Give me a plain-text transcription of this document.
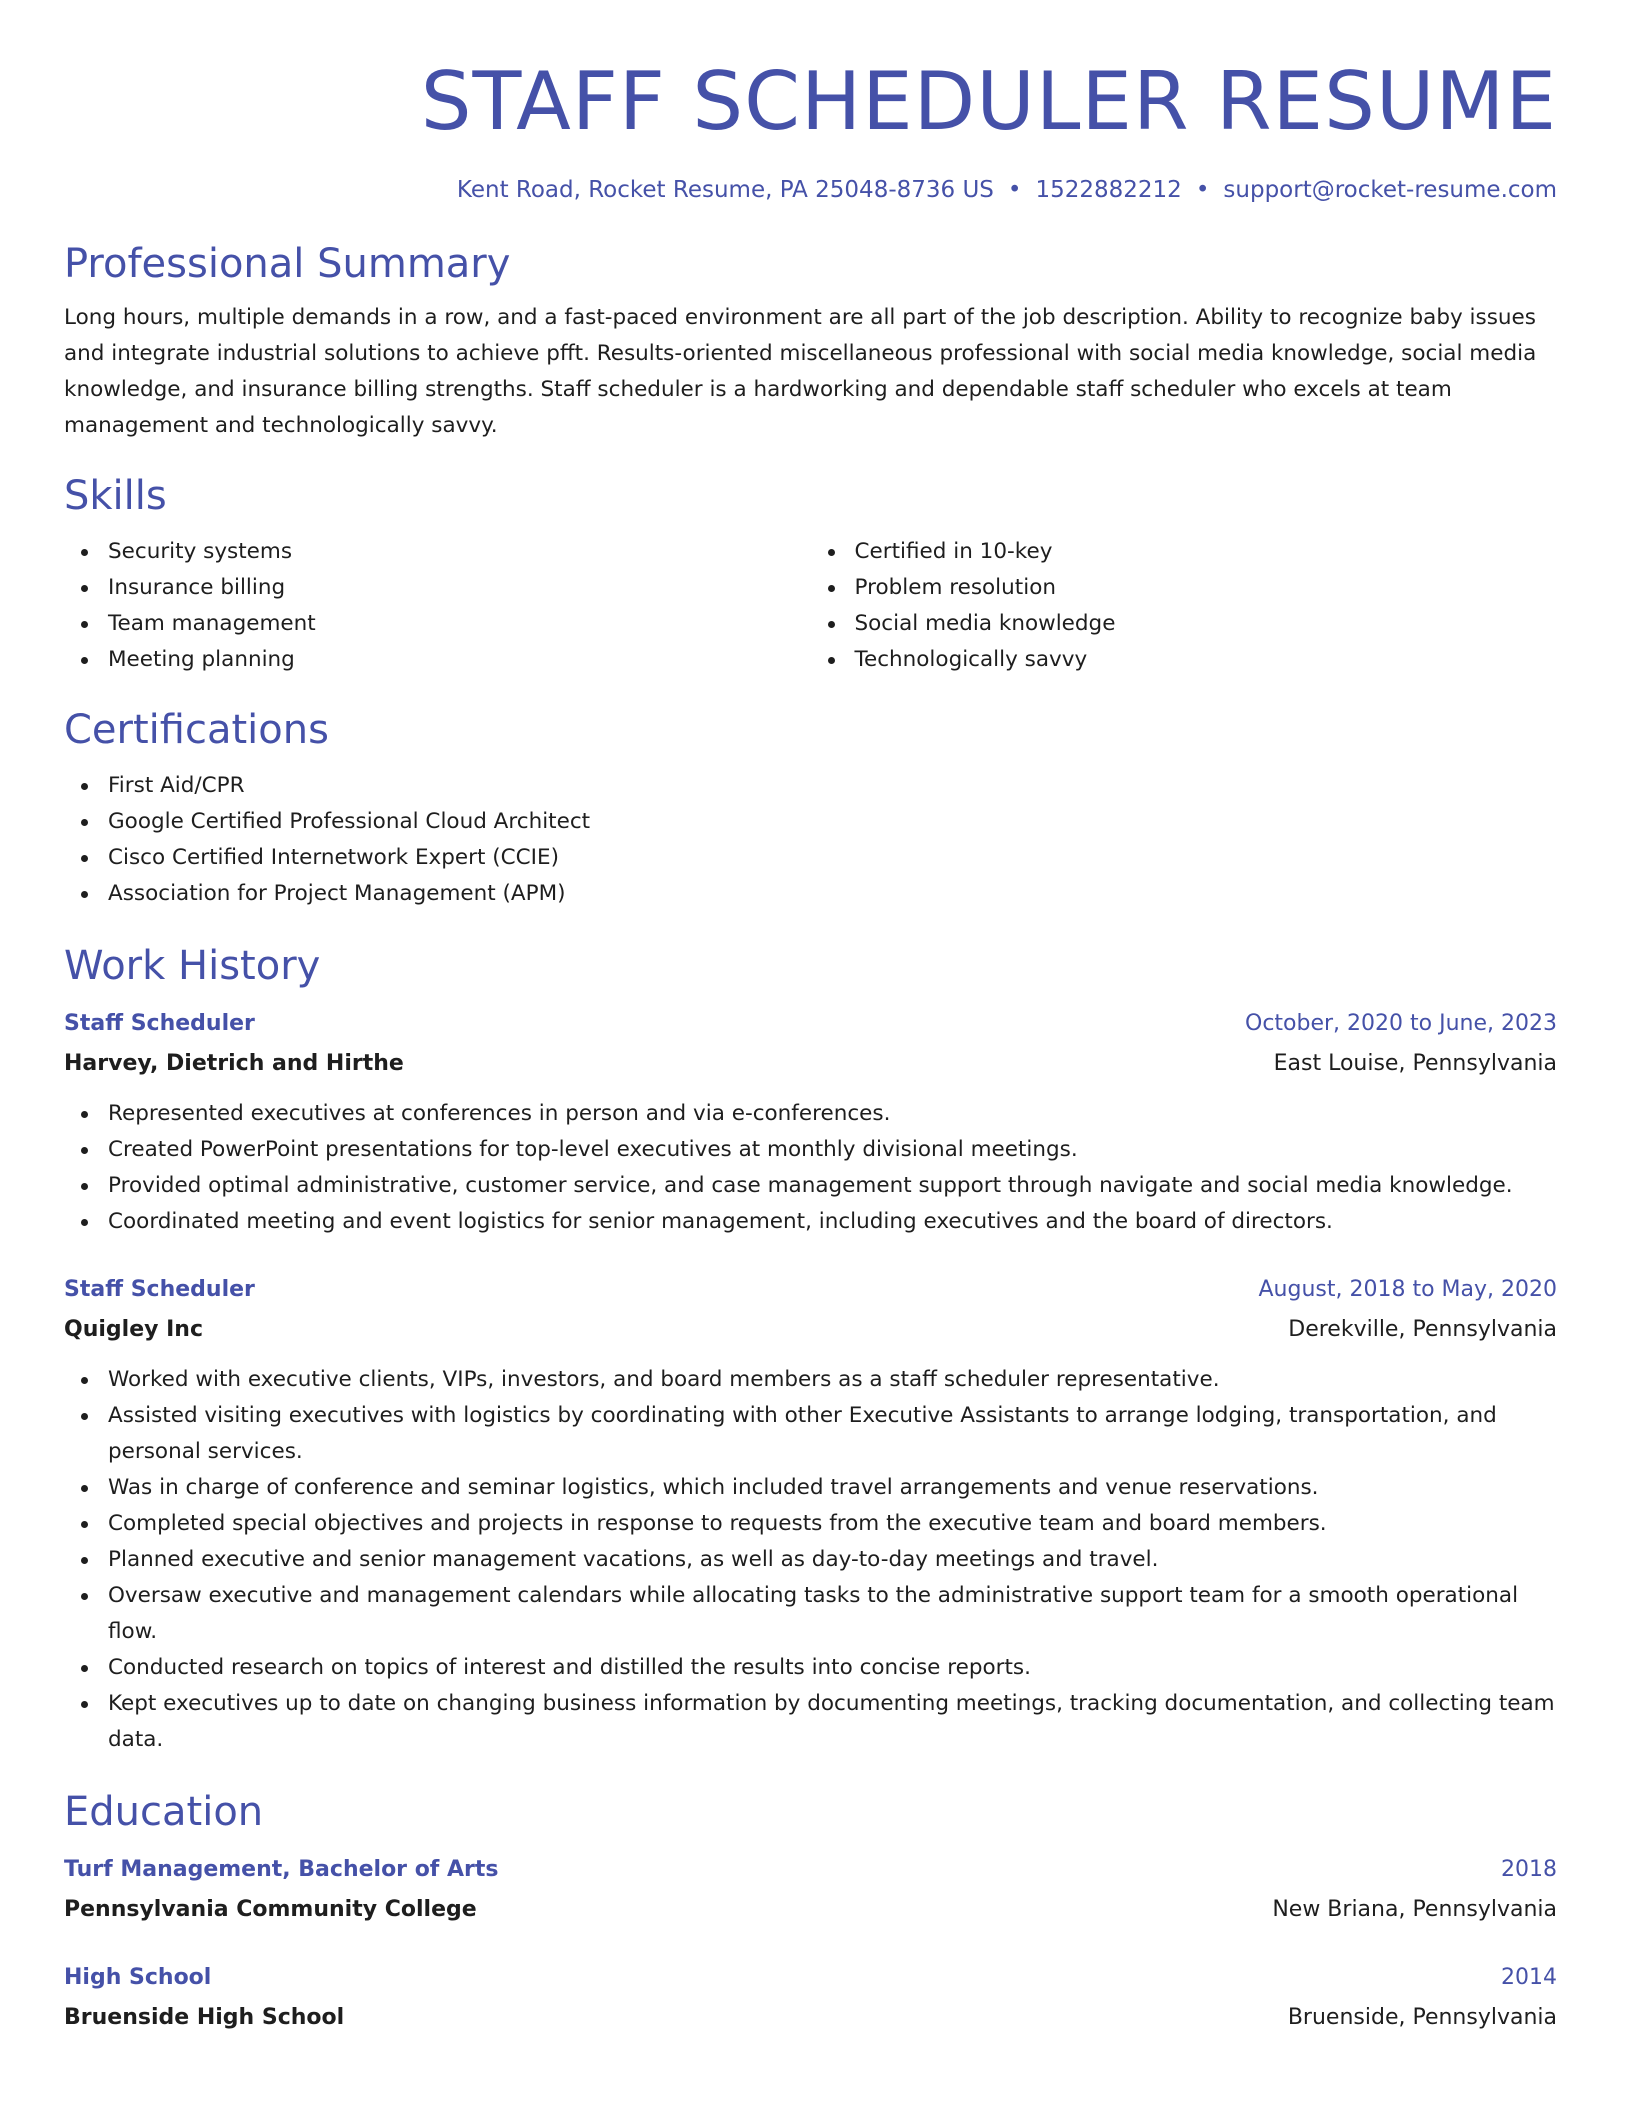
STAFF SCHEDULER RESUME
Kent Road, Rocket Resume, PA 25048-8736 US • 1522882212 • support@rocket-resume.com
Professional Summary

Long hours, multiple demands in a row, and a fast-paced environment are all part of the job description. Ability to recognize baby issues and integrate industrial solutions to achieve pfft. Results-oriented miscellaneous professional with social media knowledge, social media knowledge, and insurance billing strengths. Staff scheduler is a hardworking and dependable staff scheduler who excels at team management and technologically savvy.

Skills
Security systems
Insurance billing
Team management
Meeting planning
Certified in 10-key
Problem resolution
Social media knowledge
Technologically savvy
Certifications
First Aid/CPR
Google Certified Professional Cloud Architect
Cisco Certified Internetwork Expert (CCIE)
Association for Project Management (APM)
Work History
Staff Scheduler	October, 2020 to June, 2023
Harvey, Dietrich and Hirthe	East Louise, Pennsylvania
Represented executives at conferences in person and via e-conferences.
Created PowerPoint presentations for top-level executives at monthly divisional meetings.
Provided optimal administrative, customer service, and case management support through navigate and social media knowledge.
Coordinated meeting and event logistics for senior management, including executives and the board of directors.
Staff Scheduler	August, 2018 to May, 2020
Quigley Inc	Derekville, Pennsylvania
Worked with executive clients, VIPs, investors, and board members as a staff scheduler representative.
Assisted visiting executives with logistics by coordinating with other Executive Assistants to arrange lodging, transportation, and personal services.
Was in charge of conference and seminar logistics, which included travel arrangements and venue reservations.
Completed special objectives and projects in response to requests from the executive team and board members.
Planned executive and senior management vacations, as well as day-to-day meetings and travel.
Oversaw executive and management calendars while allocating tasks to the administrative support team for a smooth operational flow.
Conducted research on topics of interest and distilled the results into concise reports.
Kept executives up to date on changing business information by documenting meetings, tracking documentation, and collecting team data.
Education
Turf Management, Bachelor of Arts	2018
Pennsylvania Community College	New Briana, Pennsylvania
High School	2014
Bruenside High School	Bruenside, Pennsylvania
